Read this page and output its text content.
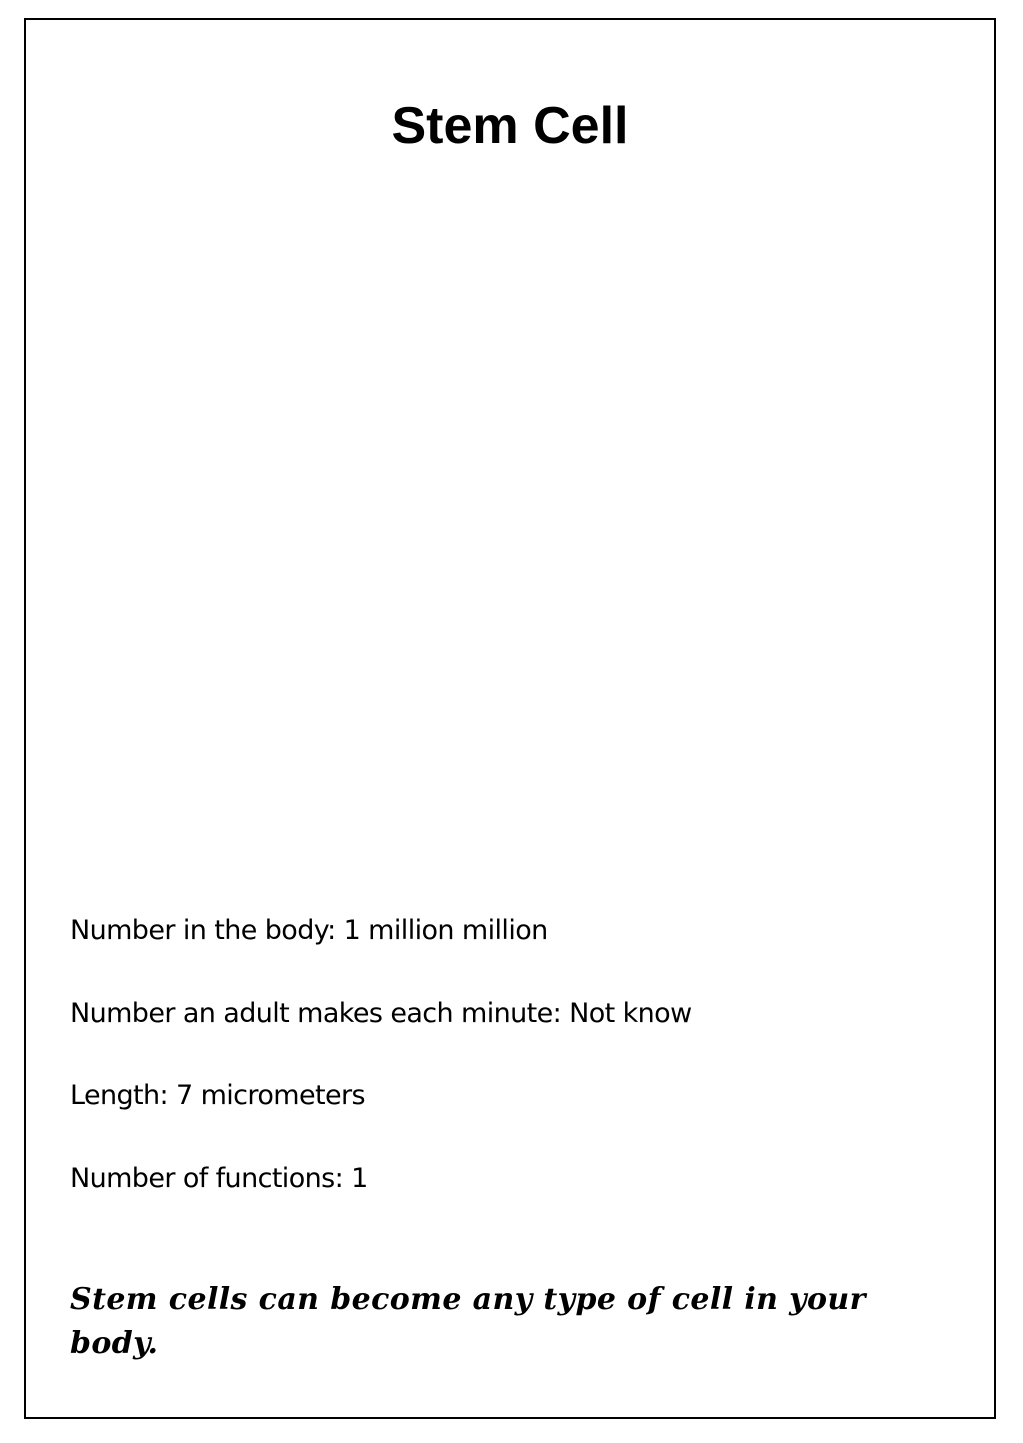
Stem Cell
Number in the body: 1 million million
Number an adult makes each minute: Not know
Length: 7 micrometers
Number of functions: 1

Stem cells can become any type of cell in your body.
